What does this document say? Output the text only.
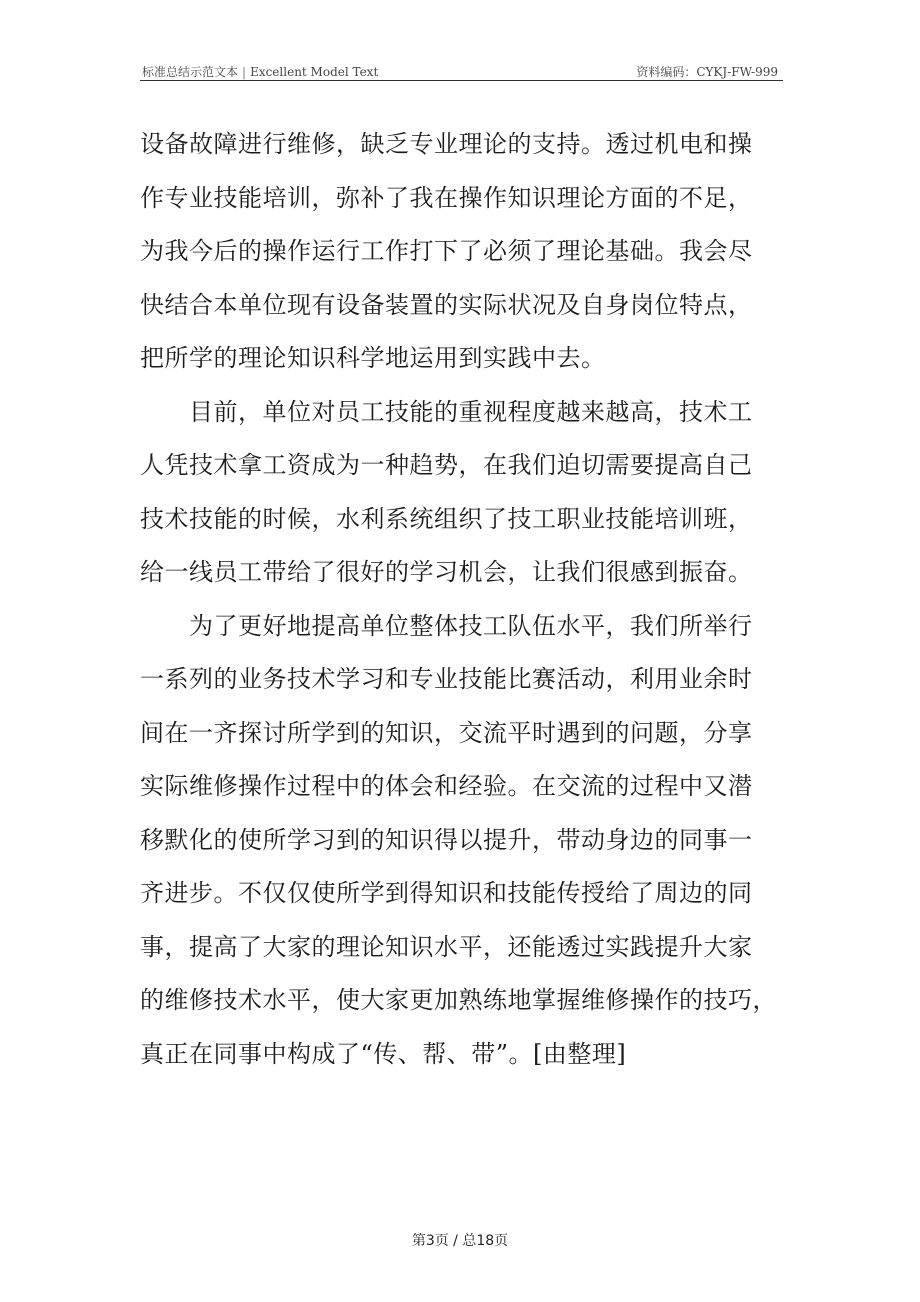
标准总结示范文本 | Excellent Model Text	资料编码：CYKJ-FW-999
设备故障进行维修，缺乏专业理论的支持。透过机电和操
作专业技能培训，弥补了我在操作知识理论方面的不足，
为我今后的操作运行工作打下了必须了理论基础。我会尽
快结合本单位现有设备装置的实际状况及自身岗位特点，
把所学的理论知识科学地运用到实践中去。
　　目前，单位对员工技能的重视程度越来越高，技术工
人凭技术拿工资成为一种趋势，在我们迫切需要提高自己
技术技能的时候，水利系统组织了技工职业技能培训班，
给一线员工带给了很好的学习机会，让我们很感到振奋。
　　为了更好地提高单位整体技工队伍水平，我们所举行
一系列的业务技术学习和专业技能比赛活动，利用业余时
间在一齐探讨所学到的知识，交流平时遇到的问题，分享
实际维修操作过程中的体会和经验。在交流的过程中又潜
移默化的使所学习到的知识得以提升，带动身边的同事一
齐进步。不仅仅使所学到得知识和技能传授给了周边的同
事，提高了大家的理论知识水平，还能透过实践提升大家
的维修技术水平，使大家更加熟练地掌握维修操作的技巧，
真正在同事中构成了“传、帮、带”。[由整理]
第3页 / 总18页
